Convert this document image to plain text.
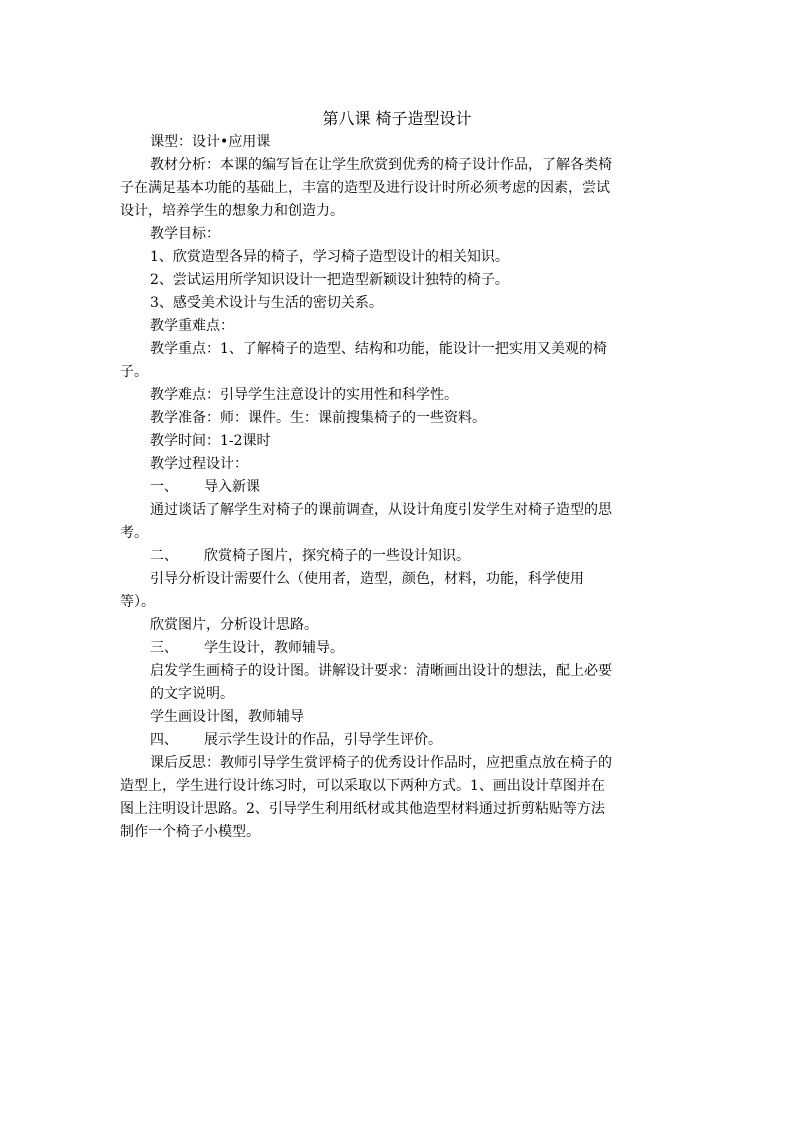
第八课 椅子造型设计
课型：设计•应用课
教材分析：本课的编写旨在让学生欣赏到优秀的椅子设计作品，了解各类椅
子在满足基本功能的基础上，丰富的造型及进行设计时所必须考虑的因素，尝试
设计，培养学生的想象力和创造力。
教学目标：
1、欣赏造型各异的椅子，学习椅子造型设计的相关知识。
2、尝试运用所学知识设计一把造型新颖设计独特的椅子。
3、感受美术设计与生活的密切关系。
教学重难点：
教学重点：1、了解椅子的造型、结构和功能，能设计一把实用又美观的椅
子。
教学难点：引导学生注意设计的实用性和科学性。
教学准备：师：课件。生：课前搜集椅子的一些资料。
教学时间：1-2课时
教学过程设计：
一、 导入新课
通过谈话了解学生对椅子的课前调查，从设计角度引发学生对椅子造型的思
考。
二、 欣赏椅子图片，探究椅子的一些设计知识。
引导分析设计需要什么（使用者，造型，颜色，材料，功能，科学使用
等）。
欣赏图片，分析设计思路。
三、 学生设计，教师辅导。
启发学生画椅子的设计图。讲解设计要求：清晰画出设计的想法，配上必要
的文字说明。
学生画设计图，教师辅导
四、 展示学生设计的作品，引导学生评价。
课后反思：教师引导学生赏评椅子的优秀设计作品时，应把重点放在椅子的
造型上，学生进行设计练习时，可以采取以下两种方式。1、画出设计草图并在
图上注明设计思路。2、引导学生利用纸材或其他造型材料通过折剪粘贴等方法
制作一个椅子小模型。
